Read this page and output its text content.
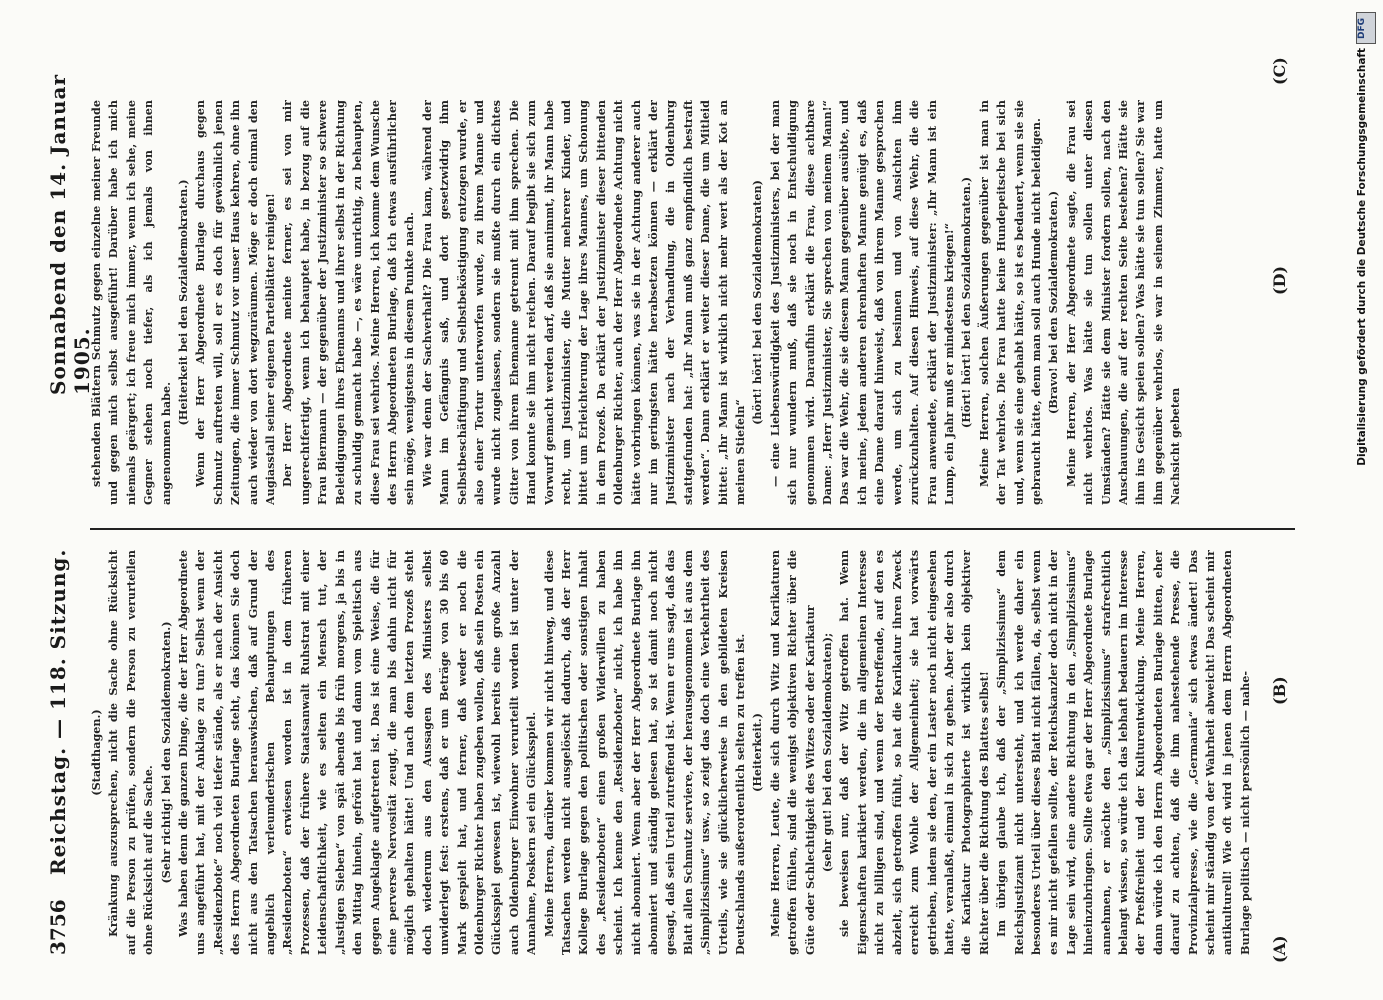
3756
Reichstag. — 118. Sitzung.
Sonnabend den 14. Januar 1905.

(Stadthagen.) Kränkung auszusprechen, nicht die Sache ohne Rücksicht auf die Person zu prüfen, sondern die Person zu verurteilen ohne Rücksicht auf die Sache. (Sehr richtig! bei den Sozialdemokraten.) Was haben denn die ganzen Dinge, die der Herr Abgeordnete uns angeführt hat, mit der Anklage zu tun? Selbst wenn der „Residenzbote“ noch viel tiefer stände, als er nach der Ansicht des Herrn Abgeordneten Burlage steht, das können Sie doch nicht aus den Tatsachen herauswischen, daß auf Grund der angeblich verleumderischen Behauptungen des „Residenzboten“ erwiesen worden ist in dem früheren Prozessen, daß der frühere Staatsanwalt Ruhstrat mit einer Leidenschaftlichkeit, wie es selten ein Mensch tut, der „lustigen Sieben“ von spät abends bis früh morgens, ja bis in den Mittag hinein, gefrönt hat und dann vom Spieltisch aus gegen Angeklagte aufgetreten ist. Das ist eine Weise, die für eine perverse Nervosität zeugt, die man bis dahin nicht für möglich gehalten hätte! Und nach dem letzten Prozeß steht doch wiederum aus den Aussagen des Ministers selbst unwiderlegt fest: erstens, daß er um Beträge von 30 bis 60 Mark gespielt hat, und ferner, daß weder er noch die Oldenburger Richter haben zugeben wollen, daß sein Posten ein Glücksspiel gewesen ist, wiewohl bereits eine große Anzahl auch Oldenburger Einwohner verurteilt worden ist unter der Annahme, Poskern sei ein Glücksspiel. Meine Herren, darüber kommen wir nicht hinweg, und diese Tatsachen werden nicht ausgelöscht dadurch, daß der Herr Kollege Burlage gegen den politischen oder sonstigen Inhalt des „Residenzboten“ einen großen Widerwillen zu haben scheint. Ich kenne den „Residenzboten“ nicht, ich habe ihn nicht abonniert. Wenn aber der Herr Abgeordnete Burlage ihn abonniert und ständig gelesen hat, so ist damit noch nicht gesagt, daß sein Urteil zutreffend ist. Wenn er uns sagt, daß das Blatt allen Schmutz serviere, der herausgenommen ist aus dem „Simplizissimus“ usw., so zeigt das doch eine Verkehrtheit des Urteils, wie sie glücklicherweise in den gebildeten Kreisen Deutschlands außerordentlich selten zu treffen ist. (Heiterkeit.) Meine Herren, Leute, die sich durch Witz und Karikaturen getroffen fühlen, sind die wenigst objektiven Richter über die Güte oder Schlechtigkeit des Witzes oder der Karikatur (sehr gut! bei den Sozialdemokraten); sie beweisen nur, daß der Witz getroffen hat. Wenn Eigenschaften karikiert werden, die im allgemeinen Interesse nicht zu billigen sind, und wenn der Betreffende, auf den es abzielt, sich getroffen fühlt, so hat die Karikatur ihren Zweck erreicht zum Wohle der Allgemeinheit; sie hat vorwärts getrieben, indem sie den, der ein Laster noch nicht eingesehen hatte, veranlaßt, einmal in sich zu gehen. Aber der also durch die Karikatur Photographierte ist wirklich kein objektiver Richter über die Richtung des Blattes selbst! Im übrigen glaube ich, daß der „Simplizissimus“ dem Reichsjustizamt nicht untersteht, und ich werde daher ein besonderes Urteil über dieses Blatt nicht fällen, da, selbst wenn es mir nicht gefallen sollte, der Reichskanzler doch nicht in der Lage sein wird, eine andere Richtung in den „Simplizissimus“ hineinzubringen. Sollte etwa gar der Herr Abgeordnete Burlage annehmen, er möchte den „Simplizissimus“ strafrechtlich belangt wissen, so würde ich das lebhaft bedauern im Interesse der Preßfreiheit und der Kulturentwicklung. Meine Herren, dann würde ich den Herrn Abgeordneten Burlage bitten, eher darauf zu achten, daß die ihm nahestehende Presse, die Provinzialpresse, wie die „Germania“ sich etwas ändert! Das scheint mir ständig von der Wahrheit abweicht! Das scheint mir antikulturell! Wie oft wird in jenen dem Herrn Abgeordneten Burlage politisch — nicht persönlich — nahe-

stehenden Blättern Schmutz gegen einzelne meiner Freunde und gegen mich selbst ausgeführt! Darüber habe ich mich niemals geärgert; ich freue mich immer, wenn ich sehe, meine Gegner stehen noch tiefer, als ich jemals von ihnen angenommen habe.

(Heiterkeit bei den Sozialdemokraten.) Wenn der Herr Abgeordnete Burlage durchaus gegen Schmutz auftreten will, soll er es doch für gewöhnlich jenen Zeitungen, die immer Schmutz vor unser Haus kehren, ohne ihn auch wieder von dort wegzuräumen. Möge er doch einmal den Augiasstall seiner eigenen Parteiblätter reinigen! Der Herr Abgeordnete meinte ferner, es sei von mir ungerechtfertigt, wenn ich behauptet habe, in bezug auf die Frau Biermann — der gegenüber der Justizminister so schwere Beleidigungen ihres Ehemanns und ihrer selbst in der Richtung zu schuldig gemacht habe —, es wäre unrichtig, zu behaupten, diese Frau sei wehrlos. Meine Herren, ich komme dem Wunsche des Herrn Abgeordneten Burlage, daß ich etwas ausführlicher sein möge, wenigstens in diesem Punkte nach. Wie war denn der Sachverhalt? Die Frau kam, während der Mann im Gefängnis saß, und dort gesetzwidrig ihm Selbstbeschäftigung und Selbstbeköstigung entzogen wurde, er also einer Tortur unterworfen wurde, zu ihrem Manne und wurde nicht zugelassen, sondern sie mußte durch ein dichtes Gitter von ihrem Ehemanne getrennt mit ihm sprechen. Die Hand konnte sie ihm nicht reichen. Darauf begibt sie sich zum Vorwurf gemacht werden darf, daß sie annimmt, ihr Mann habe recht, um Justizminister, die Mutter mehrerer Kinder, und bittet um Erleichterung der Lage ihres Mannes, um Schonung in dem Prozeß. Da erklärt der Justizminister dieser bittenden Oldenburger Richter, auch der Herr Abgeordnete Achtung nicht hätte vorbringen können, was sie in der Achtung anderer auch nur im geringsten hätte herabsetzen können — erklärt der Justizminister nach der Verhandlung, die in Oldenburg stattgefunden hat: „Ihr Mann muß ganz empfindlich bestraft werden“. Dann erklärt er weiter dieser Dame, die um Mitleid bittet: „Ihr Mann ist wirklich nicht mehr wert als der Kot an meinen Stiefeln“

(hört! hört! bei den Sozialdemokraten) — eine Liebenswürdigkeit des Justizministers, bei der man sich nur wundern muß, daß sie noch in Entschuldigung genommen wird. Daraufhin erklärt die Frau, diese achtbare Dame: „Herr Justizminister, Sie sprechen von meinem Mann!“ Das war die Wehr, die sie diesem Mann gegenüber ausübte, und ich meine, jedem anderen ehrenhaften Manne genügt es, daß eine Dame darauf hinweist, daß von ihrem Manne gesprochen werde, um sich zu besinnen und von Ansichten ihm zurückzuhalten. Auf diesen Hinweis, auf diese Wehr, die die Frau anwendete, erklärt der Justizminister: „Ihr Mann ist ein Lump, ein Jahr muß er mindestens kriegen!“ (Hört! hört! bei den Sozialdemokraten.) Meine Herren, solchen Äußerungen gegenüber ist man in der Tat wehrlos. Die Frau hatte keine Hundepeitsche bei sich und, wenn sie eine gehabt hätte, so ist es bedauert, wenn sie sie gebraucht hätte, denn man soll auch Hunde nicht beleidigen. (Bravo! bei den Sozialdemokraten.) Meine Herren, der Herr Abgeordnete sagte, die Frau sei nicht wehrlos. Was hätte sie tun sollen unter diesen Umständen? Hätte sie dem Minister fordern sollen, nach den Anschauungen, die auf der rechten Seite bestehen? Hätte sie ihm ins Gesicht speien sollen? Was hätte sie tun sollen? Sie war ihm gegenüber wehrlos, sie war in seinem Zimmer, hatte um Nachsicht gebeten

(A)
(B)
(C)
(D)
DFG
Digitalisierung gefördert durch die Deutsche Forschungsgemeinschaft
